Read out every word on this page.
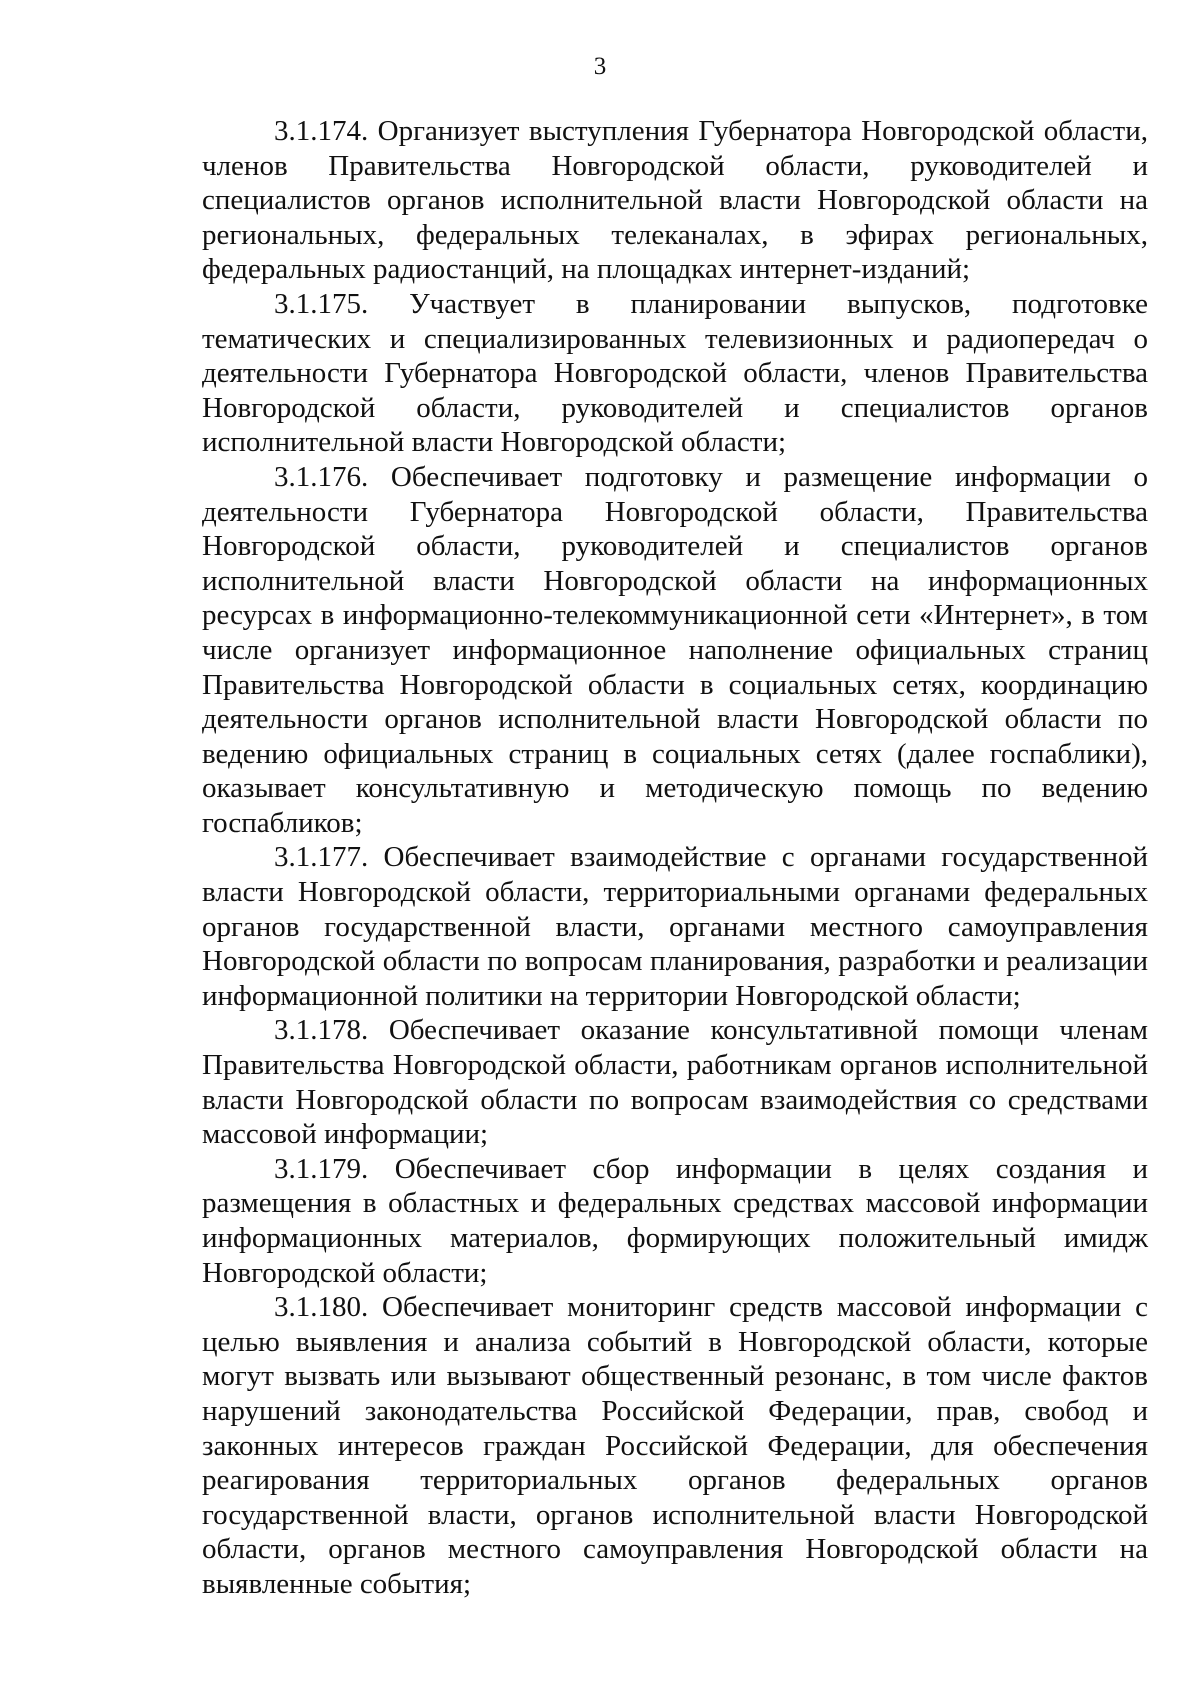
3

3.1.174. Организует выступления Губернатора Новгородской области, членов Правительства Новгородской области, руководителей и специалистов органов исполнительной власти Новгородской области на региональных, федеральных телеканалах, в эфирах региональных, федеральных радиостанций, на площадках интернет-изданий;

3.1.175. Участвует в планировании выпусков, подготовке тематических и специализированных телевизионных и радиопередач о деятельности Губернатора Новгородской области, членов Правительства Новгородской области, руководителей и специалистов органов исполнительной власти Новгородской области;

3.1.176. Обеспечивает подготовку и размещение информации о деятельности Губернатора Новгородской области, Правительства Новгородской области, руководителей и специалистов органов исполнительной власти Новгородской области на информационных ресурсах в информационно-телекоммуникационной сети «Интернет», в том числе организует информационное наполнение официальных страниц Правительства Новгородской области в социальных сетях, координацию деятельности органов исполнительной власти Новгородской области по ведению официальных страниц в социальных сетях (далее госпаблики), оказывает консультативную и методическую помощь по ведению госпабликов;

3.1.177. Обеспечивает взаимодействие с органами государственной власти Новгородской области, территориальными органами федеральных органов государственной власти, органами местного самоуправления Новгородской области по вопросам планирования, разработки и реализации информационной политики на территории Новгородской области;

3.1.178. Обеспечивает оказание консультативной помощи членам Правительства Новгородской области, работникам органов исполнительной власти Новгородской области по вопросам взаимодействия со средствами массовой информации;

3.1.179. Обеспечивает сбор информации в целях создания и размещения в областных и федеральных средствах массовой информации информационных материалов, формирующих положительный имидж Новгородской области;

3.1.180. Обеспечивает мониторинг средств массовой информации с целью выявления и анализа событий в Новгородской области, которые могут вызвать или вызывают общественный резонанс, в том числе фактов нарушений законодательства Российской Федерации, прав, свобод и законных интересов граждан Российской Федерации, для обеспечения реагирования территориальных органов федеральных органов государственной власти, органов исполнительной власти Новгородской области, органов местного самоуправления Новгородской области на выявленные события;
